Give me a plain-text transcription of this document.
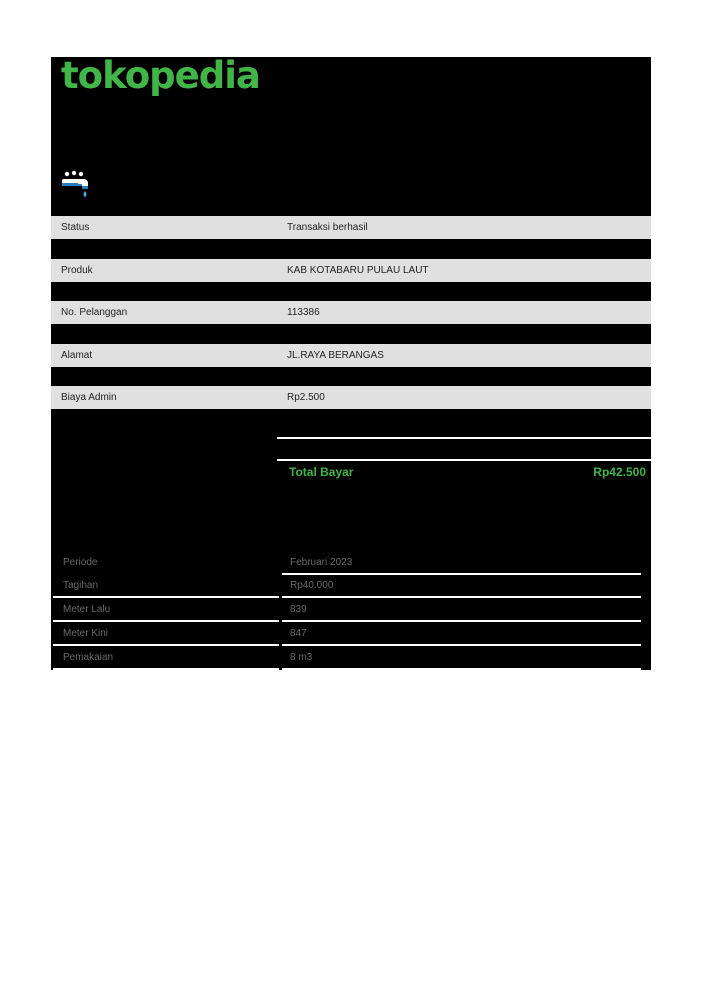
tokopedia
Status	Transaksi berhasil
Produk	KAB KOTABARU PULAU LAUT
No. Pelanggan	113386
Alamat	JL.RAYA BERANGAS
Biaya Admin	Rp2.500
Total Bayar	Rp42.500
Periode	Februari 2023
Tagihan	Rp40.000
Meter Lalu	839
Meter Kini	847
Pemakaian	8 m3
